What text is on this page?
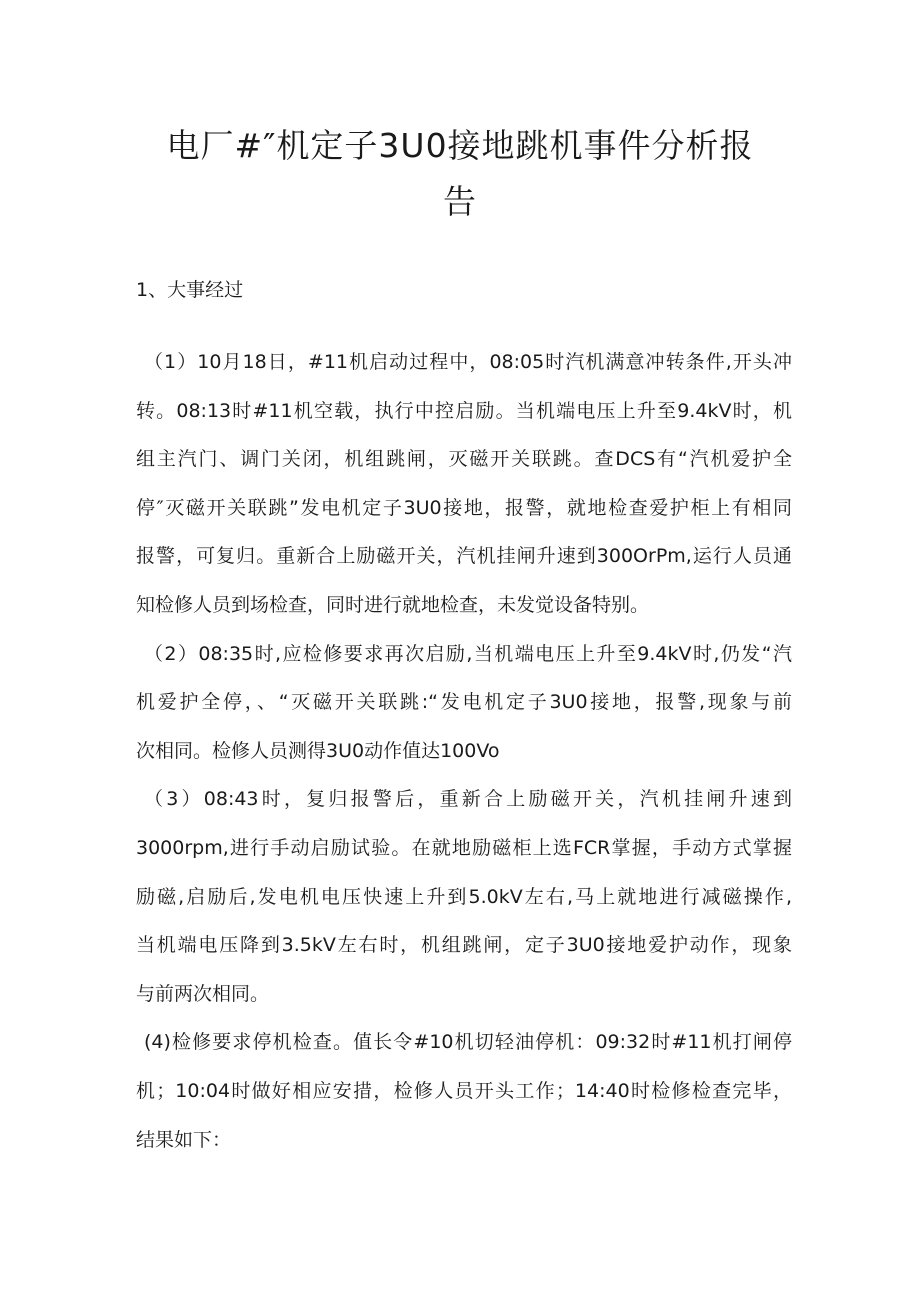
电厂#″机定子3U0接地跳机事件分析报
告
1、大事经过

（1）10月18日，#11机启动过程中，08:05时汽机满意冲转条件,开头冲
转。08:13时#11机空载，执行中控启励。当机端电压上升至9.4kV时，机
组主汽门、调门关闭，机组跳闸，灭磁开关联跳。查DCS有“汽机爱护全
停″灭磁开关联跳”发电机定子3U0接地，报警，就地检查爱护柜上有相同
报警，可复归。重新合上励磁开关，汽机挂闸升速到300OrPm,运行人员通
知检修人员到场检查，同时进行就地检查，未发觉设备特别。

（2）08:35时,应检修要求再次启励,当机端电压上升至9.4kV时,仍发“汽
机爱护全停，、“灭磁开关联跳:“发电机定子3U0接地，报警,现象与前
次相同。检修人员测得3U0动作值达100Vo

（3）08:43时，复归报警后，重新合上励磁开关，汽机挂闸升速到
3000rpm,进行手动启励试验。在就地励磁柜上选FCR掌握，手动方式掌握
励磁,启励后,发电机电压快速上升到5.0kV左右,马上就地进行减磁操作,
当机端电压降到3.5kV左右时，机组跳闸，定子3U0接地爱护动作，现象
与前两次相同。

(4)检修要求停机检查。值长令#10机切轻油停机：09:32时#11机打闸停
机；10:04时做好相应安措，检修人员开头工作；14:40时检修检查完毕，
结果如下：
